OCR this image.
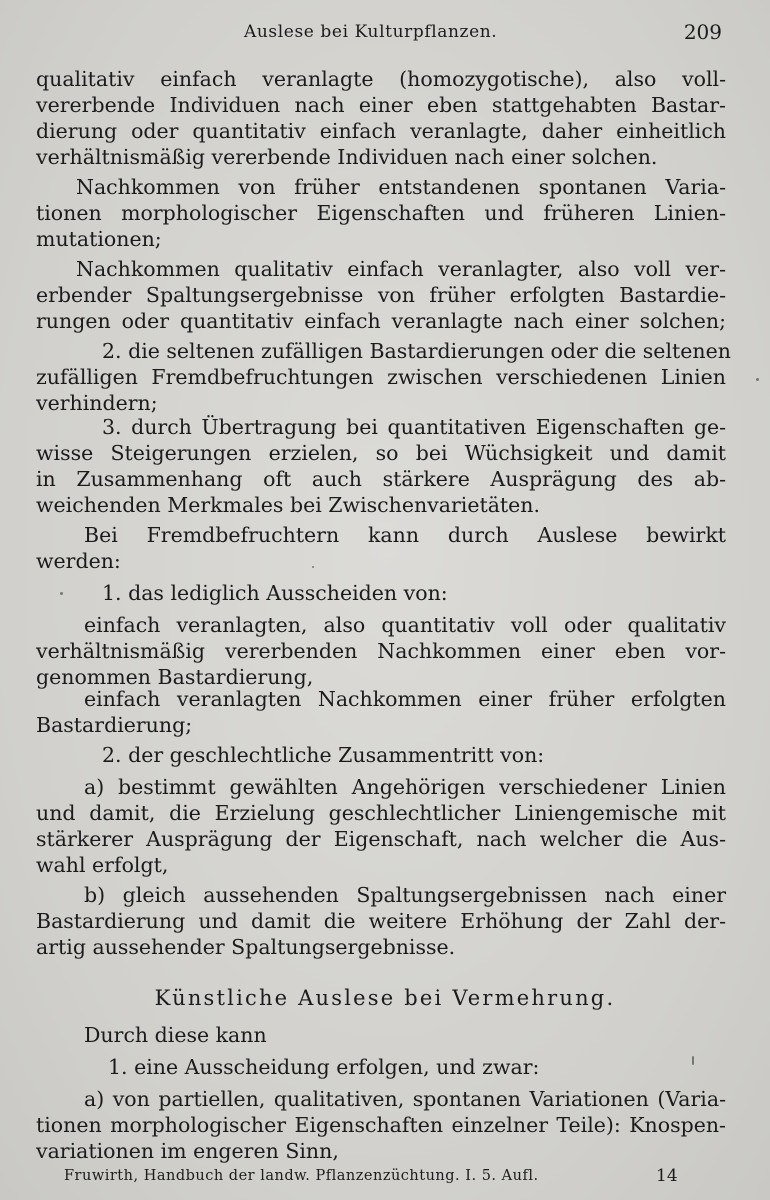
Auslese bei Kulturpflanzen.	209
qualitativ einfach veranlagte (homozygotische), also voll-
vererbende Individuen nach einer eben stattgehabten Bastar-
dierung oder quantitativ einfach veranlagte, daher einheitlich
verhältnismäßig vererbende Individuen nach einer solchen.
Nachkommen von früher entstandenen spontanen Varia-
tionen morphologischer Eigenschaften und früheren Linien-
mutationen;
Nachkommen qualitativ einfach veranlagter, also voll ver-
erbender Spaltungsergebnisse von früher erfolgten Bastardie-
rungen oder quantitativ einfach veranlagte nach einer solchen;
2. die seltenen zufälligen Bastardierungen oder die seltenen
zufälligen Fremdbefruchtungen zwischen verschiedenen Linien
verhindern;
3. durch Übertragung bei quantitativen Eigenschaften ge-
wisse Steigerungen erzielen, so bei Wüchsigkeit und damit
in Zusammenhang oft auch stärkere Ausprägung des ab-
weichenden Merkmales bei Zwischenvarietäten.
Bei Fremdbefruchtern kann durch Auslese bewirkt
werden:
1. das lediglich Ausscheiden von:
einfach veranlagten, also quantitativ voll oder qualitativ
verhältnismäßig vererbenden Nachkommen einer eben vor-
genommen Bastardierung,
einfach veranlagten Nachkommen einer früher erfolgten
Bastardierung;
2. der geschlechtliche Zusammentritt von:
a) bestimmt gewählten Angehörigen verschiedener Linien
und damit, die Erzielung geschlechtlicher Liniengemische mit
stärkerer Ausprägung der Eigenschaft, nach welcher die Aus-
wahl erfolgt,
b) gleich aussehenden Spaltungsergebnissen nach einer
Bastardierung und damit die weitere Erhöhung der Zahl der-
artig aussehender Spaltungsergebnisse.
Künstliche Auslese bei Vermehrung.
Durch diese kann
1. eine Ausscheidung erfolgen, und zwar:
a) von partiellen, qualitativen, spontanen Variationen (Varia-
tionen morphologischer Eigenschaften einzelner Teile): Knospen-
variationen im engeren Sinn,
Fruwirth, Handbuch der landw. Pflanzenzüchtung. I. 5. Aufl.	14
